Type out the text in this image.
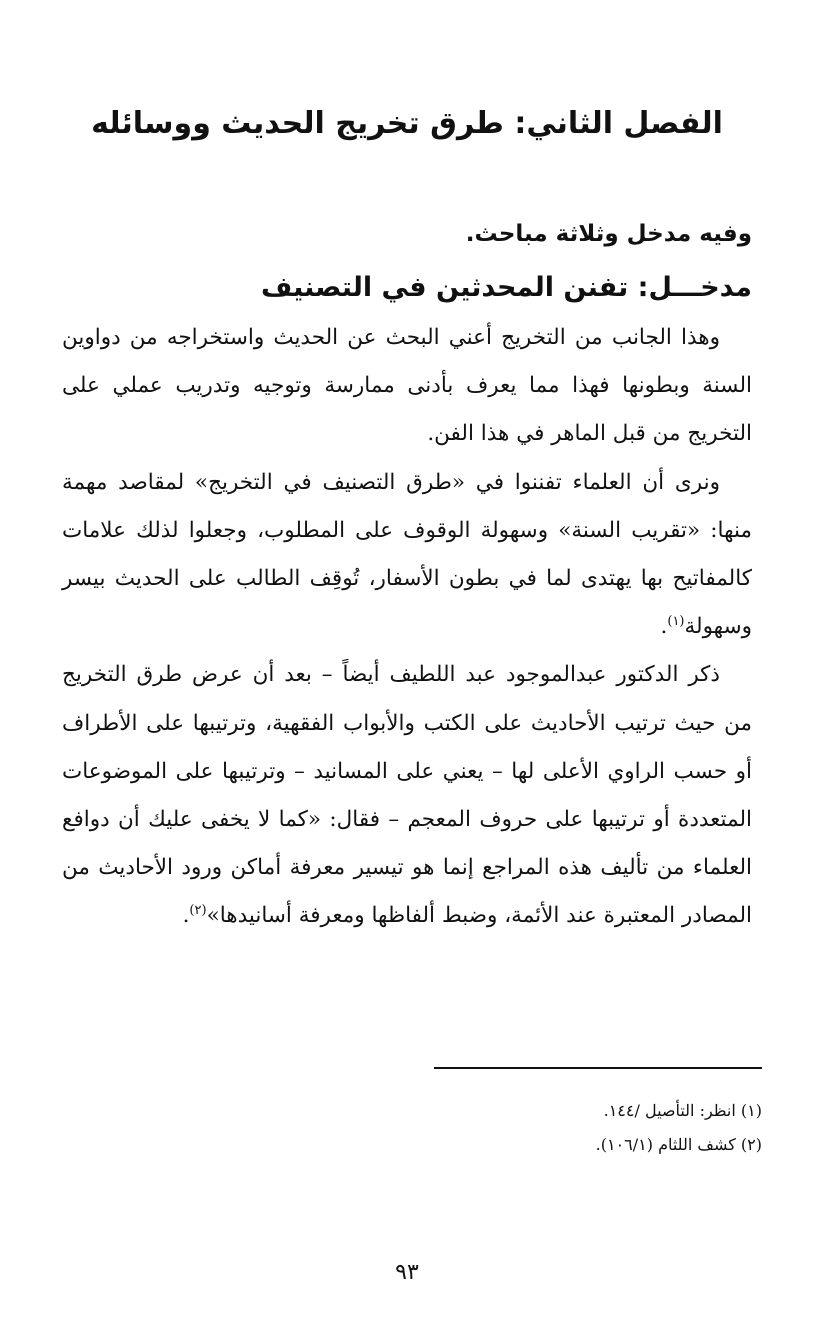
الفصل الثاني: طرق تخريج الحديث ووسائله

وفيه مدخل وثلاثة مباحث.

مدخـــل: تفنن المحدثين في التصنيف

وهذا الجانب من التخريج أعني البحث عن الحديث واستخراجه من دواوين السنة وبطونها فهذا مما يعرف بأدنى ممارسة وتوجيه وتدريب عملي على التخريج من قبل الماهر في هذا الفن.

ونرى أن العلماء تفننوا في «طرق التصنيف في التخريج» لمقاصد مهمة منها: «تقريب السنة» وسهولة الوقوف على المطلوب، وجعلوا لذلك علامات كالمفاتيح بها يهتدى لما في بطون الأسفار، تُوقِف الطالب على الحديث بيسر وسهولة$^{(١)}$.

ذكر الدكتور عبدالموجود عبد اللطيف أيضاً – بعد أن عرض طرق التخريج من حيث ترتيب الأحاديث على الكتب والأبواب الفقهية، وترتيبها على الأطراف أو حسب الراوي الأعلى لها – يعني على المسانيد – وترتيبها على الموضوعات المتعددة أو ترتيبها على حروف المعجم – فقال: «كما لا يخفى عليك أن دوافع العلماء من تأليف هذه المراجع إنما هو تيسير معرفة أماكن ورود الأحاديث من المصادر المعتبرة عند الأئمة، وضبط ألفاظها ومعرفة أسانيدها»$^{(٢)}$.

(١) انظر: التأصيل /١٤٤.

(٢) كشف اللثام (١٠٦/١).

٩٣
